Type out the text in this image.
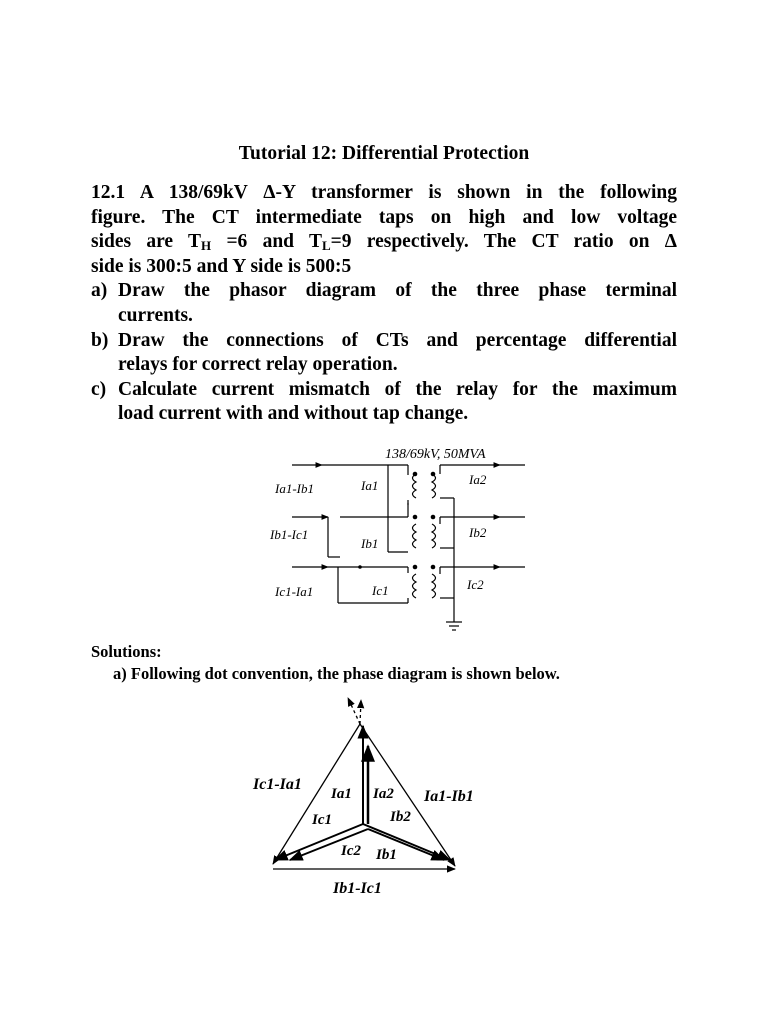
Tutorial 12: Differential Protection
12.1 A 138/69kV Δ-Y transformer is shown in the following
figure. The CT intermediate taps on high and low voltage
sides are $T_H =6$ and $T_L=9$ respectively. The CT ratio on Δ
side is 300:5 and Y side is 500:5
a) Draw the phasor diagram of the three phase terminal
currents.
b) Draw the connections of CTs and percentage differential
relays for correct relay operation.
c) Calculate current mismatch of the relay for the maximum
load current with and without tap change.
138/69kV, 50MVA
Ia1-Ib1
Ib1-Ic1
Ic1-Ia1
Ia1
Ib1
Ic1
Ia2
Ib2
Ic2
Solutions:
a) Following dot convention, the phase diagram is shown below.
Ic1-Ia1
Ia1-Ib1
Ib1-Ic1
Ia1 Ia2
Ic1	Ib2
Ic2 Ib1
